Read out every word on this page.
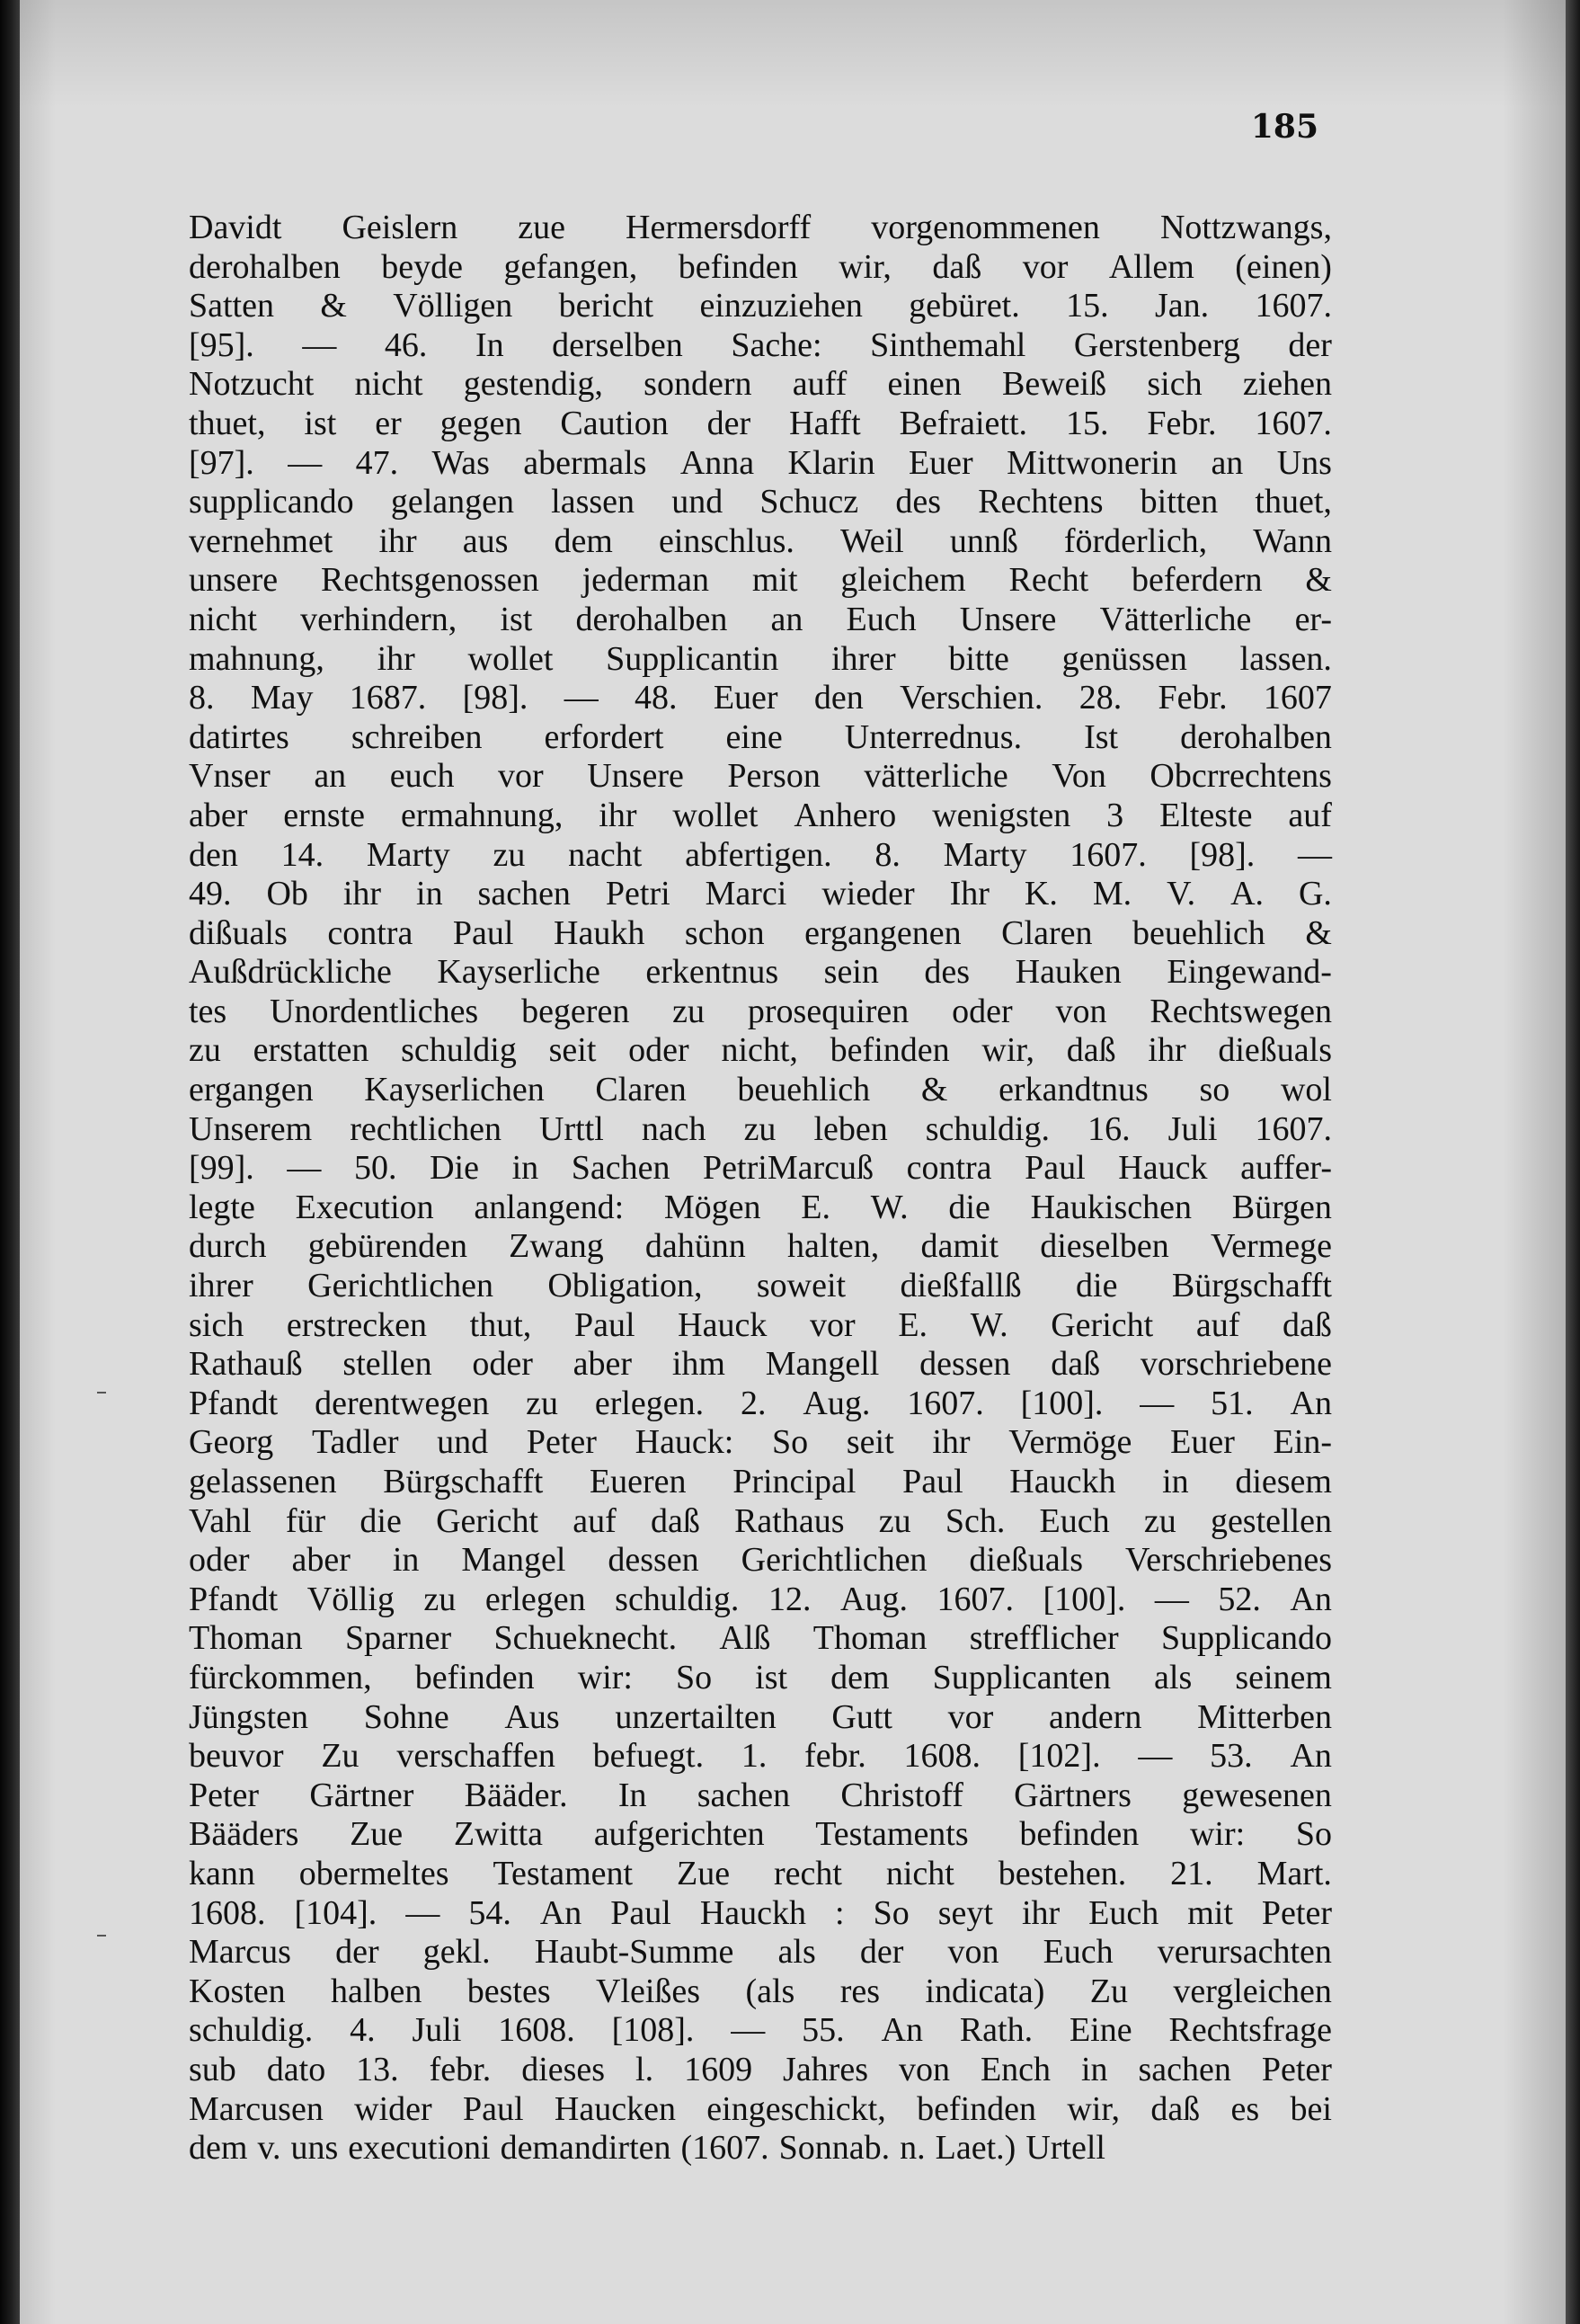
185
Davidt Geislern zue Hermersdorff vorgenommenen Nottzwangs,
derohalben beyde gefangen, befinden wir, daß vor Allem (einen)
Satten & Völligen bericht einzuziehen gebüret. 15. Jan. 1607.
[95]. — 46. In derselben Sache: Sinthemahl Gerstenberg der
Notzucht nicht gestendig, sondern auff einen Beweiß sich ziehen
thuet, ist er gegen Caution der Hafft Befraiett. 15. Febr. 1607.
[97]. — 47. Was abermals Anna Klarin Euer Mittwonerin an Uns
supplicando gelangen lassen und Schucz des Rechtens bitten thuet,
vernehmet ihr aus dem einschlus. Weil unnß förderlich, Wann
unsere Rechtsgenossen jederman mit gleichem Recht beferdern &
nicht verhindern, ist derohalben an Euch Unsere Vätterliche er-
mahnung, ihr wollet Supplicantin ihrer bitte genüssen lassen.
8. May 1687. [98]. — 48. Euer den Verschien. 28. Febr. 1607
datirtes schreiben erfordert eine Unterrednus. Ist derohalben
Vnser an euch vor Unsere Person vätterliche Von Obcrrechtens
aber ernste ermahnung, ihr wollet Anhero wenigsten 3 Elteste auf
den 14. Marty zu nacht abfertigen. 8. Marty 1607. [98]. —
49. Ob ihr in sachen Petri Marci wieder Ihr K. M. V. A. G.
dißuals contra Paul Haukh schon ergangenen Claren beuehlich &
Außdrückliche Kayserliche erkentnus sein des Hauken Eingewand-
tes Unordentliches begeren zu prosequiren oder von Rechtswegen
zu erstatten schuldig seit oder nicht, befinden wir, daß ihr dießuals
ergangen Kayserlichen Claren beuehlich & erkandtnus so wol
Unserem rechtlichen Urttl nach zu leben schuldig. 16. Juli 1607.
[99]. — 50. Die in Sachen PetriMarcuß contra Paul Hauck auffer-
legte Execution anlangend: Mögen E. W. die Haukischen Bürgen
durch gebürenden Zwang dahünn halten, damit dieselben Vermege
ihrer Gerichtlichen Obligation, soweit dießfallß die Bürgschafft
sich erstrecken thut, Paul Hauck vor E. W. Gericht auf daß
Rathauß stellen oder aber ihm Mangell dessen daß vorschriebene
Pfandt derentwegen zu erlegen. 2. Aug. 1607. [100]. — 51. An
Georg Tadler und Peter Hauck: So seit ihr Vermöge Euer Ein-
gelassenen Bürgschafft Eueren Principal Paul Hauckh in diesem
Vahl für die Gericht auf daß Rathaus zu Sch. Euch zu gestellen
oder aber in Mangel dessen Gerichtlichen dießuals Verschriebenes
Pfandt Völlig zu erlegen schuldig. 12. Aug. 1607. [100]. — 52. An
Thoman Sparner Schueknecht. Alß Thoman strefflicher Supplicando
fürckommen, befinden wir: So ist dem Supplicanten als seinem
Jüngsten Sohne Aus unzertailten Gutt vor andern Mitterben
beuvor Zu verschaffen befuegt. 1. febr. 1608. [102]. — 53. An
Peter Gärtner Bääder. In sachen Christoff Gärtners gewesenen
Bääders Zue Zwitta aufgerichten Testaments befinden wir: So
kann obermeltes Testament Zue recht nicht bestehen. 21. Mart.
1608. [104]. — 54. An Paul Hauckh : So seyt ihr Euch mit Peter
Marcus der gekl. Haubt-Summe als der von Euch verursachten
Kosten halben bestes Vleißes (als res indicata) Zu vergleichen
schuldig. 4. Juli 1608. [108]. — 55. An Rath. Eine Rechtsfrage
sub dato 13. febr. dieses l. 1609 Jahres von Ench in sachen Peter
Marcusen wider Paul Haucken eingeschickt, befinden wir, daß es bei
dem v. uns executioni demandirten (1607. Sonnab. n. Laet.) Urtell
